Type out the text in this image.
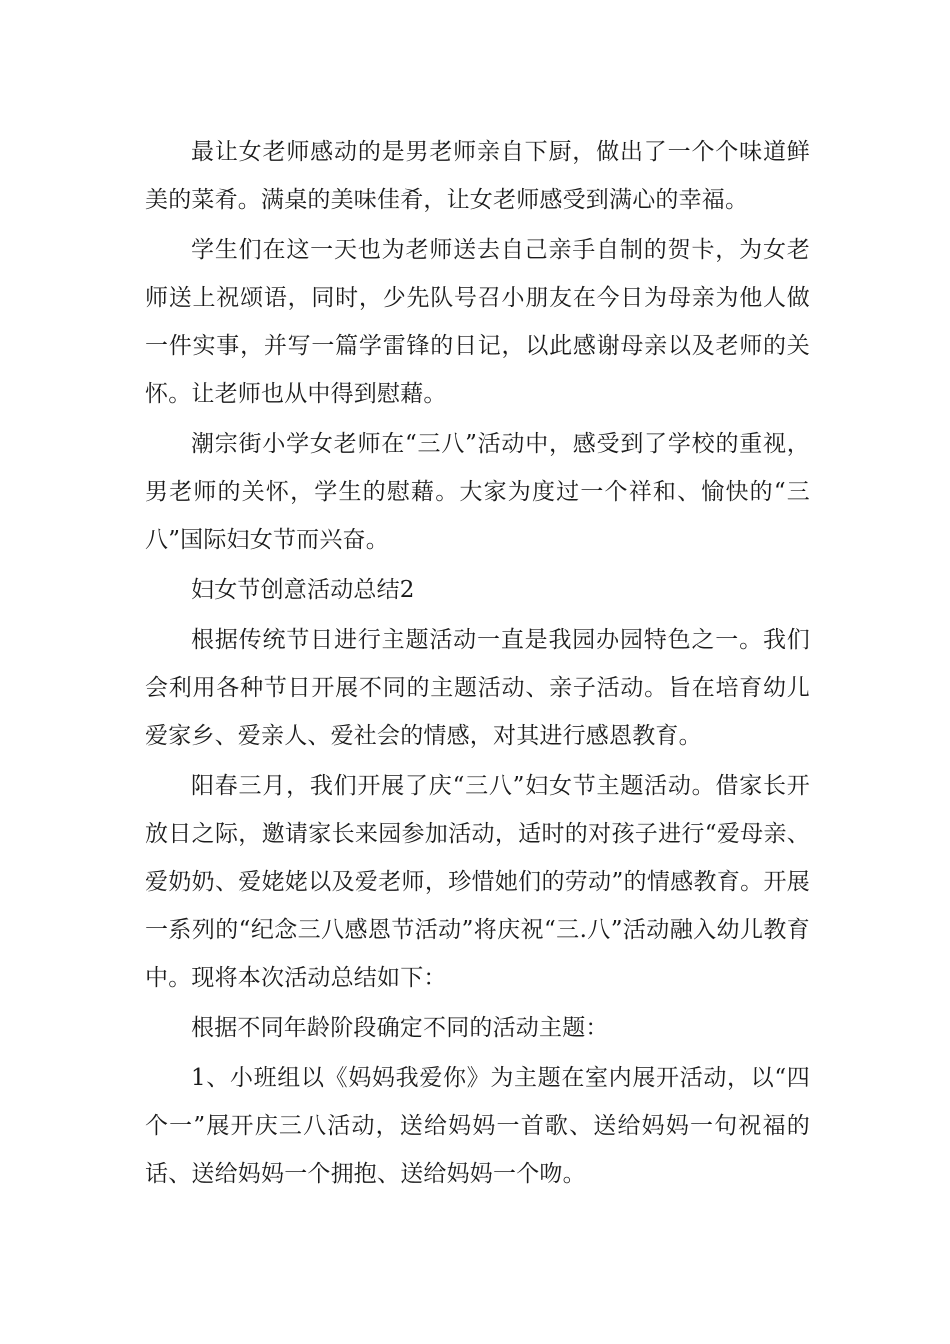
最让女老师感动的是男老师亲自下厨，做出了一个个味道鲜美的菜肴。满桌的美味佳肴，让女老师感受到满心的幸福。

学生们在这一天也为老师送去自己亲手自制的贺卡，为女老师送上祝颂语，同时，少先队号召小朋友在今日为母亲为他人做一件实事，并写一篇学雷锋的日记，以此感谢母亲以及老师的关怀。让老师也从中得到慰藉。

潮宗街小学女老师在“三八”活动中，感受到了学校的重视，男老师的关怀，学生的慰藉。大家为度过一个祥和、愉快的“三八”国际妇女节而兴奋。

妇女节创意活动总结2

根据传统节日进行主题活动一直是我园办园特色之一。我们会利用各种节日开展不同的主题活动、亲子活动。旨在培育幼儿爱家乡、爱亲人、爱社会的情感，对其进行感恩教育。

阳春三月，我们开展了庆“三八”妇女节主题活动。借家长开放日之际，邀请家长来园参加活动，适时的对孩子进行“爱母亲、爱奶奶、爱姥姥以及爱老师，珍惜她们的劳动”的情感教育。开展一系列的“纪念三八感恩节活动”将庆祝“三.八”活动融入幼儿教育中。现将本次活动总结如下：

根据不同年龄阶段确定不同的活动主题：

1、小班组以《妈妈我爱你》为主题在室内展开活动，以“四个一”展开庆三八活动，送给妈妈一首歌、送给妈妈一句祝福的话、送给妈妈一个拥抱、送给妈妈一个吻。
